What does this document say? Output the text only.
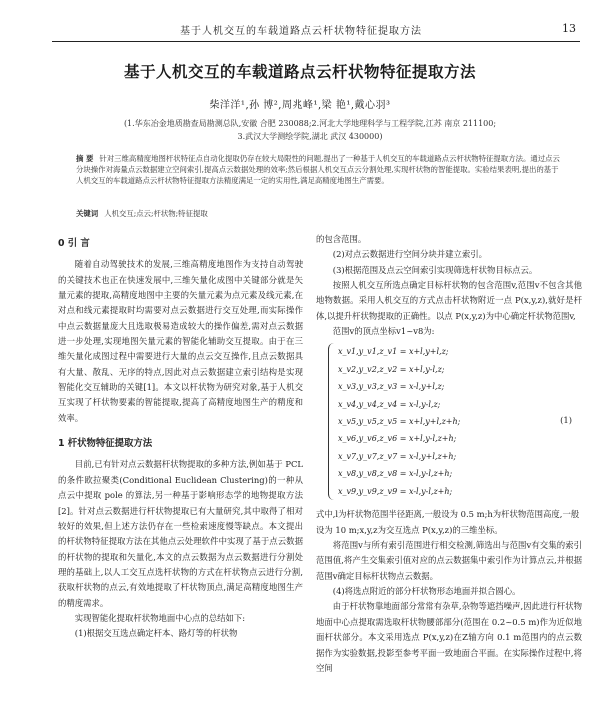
基于人机交互的车载道路点云杆状物特征提取方法	13
基于人机交互的车载道路点云杆状物特征提取方法
柴洋洋¹,孙 博²,周兆峰¹,梁 艳¹,戴心羽³
(1.华东冶金地质勘查局勘测总队,安徽 合肥 230088;2.河北大学地理科学与工程学院,江苏 南京 211100;
3.武汉大学测绘学院,湖北 武汉 430000)
摘 要 针对三维高精度地图杆状特征点自动化提取仍存在较大局限性的问题,提出了一种基于人机交互的车载道路点云杆状物特征提取方法。通过点云分块操作对海量点云数据建立空间索引,提高点云数据处理的效率;然后根据人机交互点云分割处理,实现杆状物的智能提取。实验结果表明,提出的基于人机交互的车载道路点云杆状物特征提取方法精度满足一定的实用性,满足高精度地图生产需要。
关键词 人机交互;点云;杆状物;特征提取
0 引 言

随着自动驾驶技术的发展,三维高精度地图作为支持自动驾驶的关键技术也正在快速发展中,三维矢量化成图中关键部分就是矢量元素的提取,高精度地图中主要的矢量元素为点元素及线元素,在对点和线元素提取时均需要对点云数据进行交互处理,而实际操作中点云数据量庞大且选取极易造成较大的操作偏差,需对点云数据进一步处理,实现地图矢量元素的智能化辅助交互提取。由于在三维矢量化成图过程中需要进行大量的点云交互操作,且点云数据具有大量、散乱、无序的特点,因此对点云数据建立索引结构是实现智能化交互辅助的关键[1]。本文以杆状物为研究对象,基于人机交互实现了杆状物要素的智能提取,提高了高精度地图生产的精度和效率。

1 杆状物特征提取方法

目前,已有针对点云数据杆状物提取的多种方法,例如基于 PCL 的条件欧拉聚类(Conditional Euclidean Clustering)的一种从点云中提取 pole 的算法,另一种基于影响形态学的地物提取方法[2]。针对点云数据进行杆状物提取已有大量研究,其中取得了相对较好的效果,但上述方法仍存在一些检索速度慢等缺点。本文提出的杆状物特征提取方法在其他点云处理软件中实现了基于点云数据的杆状物的提取和矢量化,本文的点云数据为点云数据进行分割处理的基础上,以人工交互点选杆状物的方式在杆状物点云进行分割,获取杆状物的点云,有效地提取了杆状物顶点,满足高精度地图生产的精度需求。

实现智能化提取杆状物地面中心点的总结如下:

(1)根据交互选点确定杆本、路灯等的杆状物

的包含范围。

(2)对点云数据进行空间分块并建立索引。

(3)根据范围及点云空间索引实现筛选杆状物目标点云。

按照人机交互所选点确定目标杆状物的包含范围v,范围v不包含其他地物数据。采用人机交互的方式点击杆状物附近一点 P(x,y,z),就好是杆体,以提升杆状物提取的正确性。以点 P(x,y,z)为中心确定杆状物范围v,

范围v的顶点坐标v1~v8为:

x_v1,y_v1,z_v1 = x+l,y+l,z;
x_v2,y_v2,z_v2 = x+l,y-l,z;
x_v3,y_v3,z_v3 = x-l,y+l,z;
x_v4,y_v4,z_v4 = x-l,y-l,z;
x_v5,y_v5,z_v5 = x+l,y+l,z+h;
x_v6,y_v6,z_v6 = x+l,y-l,z+h;
x_v7,y_v7,z_v7 = x-l,y+l,z+h;
x_v8,y_v8,z_v8 = x-l,y-l,z+h;
x_v9,y_v9,z_v9 = x-l,y-l,z+h;
(1)

式中,l为杆状物范围半径距离,一般设为 0.5 m;h为杆状物范围高度,一般设为 10 m;x,y,z为交互选点 P(x,y,z)的三维坐标。

将范围v与所有索引范围进行相交检测,筛选出与范围v有交集的索引范围值,将产生交集索引值对应的点云数据集中索引作为计算点云,并根据范围v确定目标杆状物点云数据。

(4)将选点附近的部分杆状物形态地面并拟合圆心。

由于杆状物靠地面部分常常有杂草,杂物等遮挡噪声,因此进行杆状物地面中心点提取需选取杆状物腰部部分(范围在 0.2~0.5 m)作为近似地面杆状部分。本文采用选点 P(x,y,z)在Z轴方向 0.1 m范围内的点云数据作为实验数据,投影至参考平面一致地面合平面。在实际操作过程中,将空间
